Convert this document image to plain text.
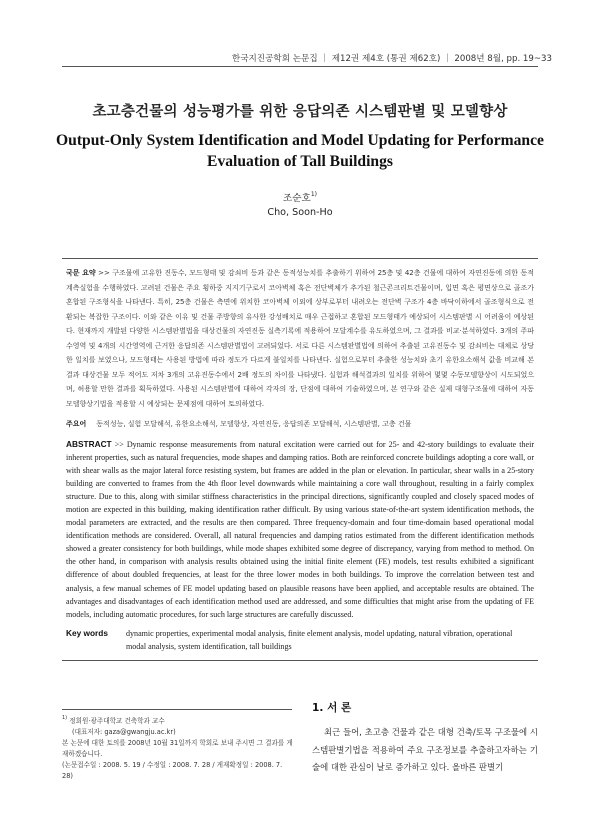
한국지진공학회 논문집 ｜ 제12권 제4호 (통권 제62호) ｜ 2008년 8월, pp. 19~33
초고층건물의 성능평가를 위한 응답의존 시스템판별 및 모델향상
Output-Only System Identification and Model Updating for Performance Evaluation of Tall Buildings
조순호$^{1)}$
Cho, Soon-Ho
국문 요약 >> 구조물에 고유한 진동수, 모드형태 및 감쇠비 등과 같은 동적성능치를 추출하기 위하여 25층 및 42층 건물에 대하여 자연진동에 의한 동적계측실험을 수행하였다. 고려된 건물은 주요 횡하중 지지기구로서 코아벽체 혹은 전단벽체가 추가된 철근콘크리트건물이며, 입면 혹은 평면상으로 골조가 혼합된 구조형식을 나타낸다. 특히, 25층 건물은 측면에 위치한 코아벽체 이외에 상부로부터 내려오는 전단벽 구조가 4층 바닥이하에서 골조형식으로 전환되는 복잡한 구조이다. 이와 같은 이유 및 건물 주방향의 유사한 강성배치로 매우 근접하고 혼합된 모드형태가 예상되어 시스템판별 시 어려움이 예상된다. 현재까지 개발된 다양한 시스템판별법을 대상건물의 자연진동 실측기록에 적용하여 모달계수를 유도하였으며, 그 결과를 비교·분석하였다. 3개의 주파수영역 및 4개의 시간영역에 근거한 응답의존 시스템판별법이 고려되었다. 서로 다른 시스템판별법에 의하여 추출된 고유진동수 및 감쇠비는 대체로 상당한 일치를 보였으나, 모드형태는 사용된 방법에 따라 정도가 다르게 불일치를 나타낸다. 실험으로부터 추출한 성능치와 초기 유한요소해석 값을 비교해 본 결과 대상건물 모두 적어도 저차 3개의 고유진동수에서 2배 정도의 차이를 나타냈다. 실험과 해석결과의 일치를 위하여 몇몇 수동모델향상이 시도되었으며, 허용할 만한 결과를 획득하였다. 사용된 시스템판별에 대하여 각자의 장, 단점에 대하여 기술하였으며, 본 연구와 같은 실제 대형구조물에 대하여 자동모델향상기법을 적용할 시 예상되는 문제점에 대하여 토의하였다.
주요어 동적성능, 실험 모달해석, 유한요소해석, 모델향상, 자연진동, 응답의존 모달해석, 시스템판별, 고층 건물
ABSTRACT >> Dynamic response measurements from natural excitation were carried out for 25- and 42-story buildings to evaluate their inherent properties, such as natural frequencies, mode shapes and damping ratios. Both are reinforced concrete buildings adopting a core wall, or with shear walls as the major lateral force resisting system, but frames are added in the plan or elevation. In particular, shear walls in a 25-story building are converted to frames from the 4th floor level downwards while maintaining a core wall throughout, resulting in a fairly complex structure. Due to this, along with similar stiffness characteristics in the principal directions, significantly coupled and closely spaced modes of motion are expected in this building, making identification rather difficult. By using various state-of-the-art system identification methods, the modal parameters are extracted, and the results are then compared. Three frequency-domain and four time-domain based operational modal identification methods are considered. Overall, all natural frequencies and damping ratios estimated from the different identification methods showed a greater consistency for both buildings, while mode shapes exhibited some degree of discrepancy, varying from method to method. On the other hand, in comparison with analysis results obtained using the initial finite element (FE) models, test results exhibited a significant difference of about doubled frequencies, at least for the three lower modes in both buildings. To improve the correlation between test and analysis, a few manual schemes of FE model updating based on plausible reasons have been applied, and acceptable results are obtained. The advantages and disadvantages of each identification method used are addressed, and some difficulties that might arise from the updating of FE models, including automatic procedures, for such large structures are carefully discussed.
Key words dynamic properties, experimental modal analysis, finite element analysis, model updating, natural vibration, operational modal analysis, system identification, tall buildings
$^{1)}$ 정회원·광주대학교 건축학과 교수
(대표저자: gaza@gwangju.ac.kr)
본 논문에 대한 토의를 2008년 10월 31일까지 학회로 보내 주시면 그 결과를 게재하겠습니다.
(논문접수일 : 2008. 5. 19 / 수정일 : 2008. 7. 28 / 게재확정일 : 2008. 7. 28)
1. 서 론

최근 들어, 초고층 건물과 같은 대형 건축/토목 구조물에 시스템판별기법을 적용하여 주요 구조정보를 추출하고자하는 기술에 대한 관심이 날로 증가하고 있다. 올바른 판별기
